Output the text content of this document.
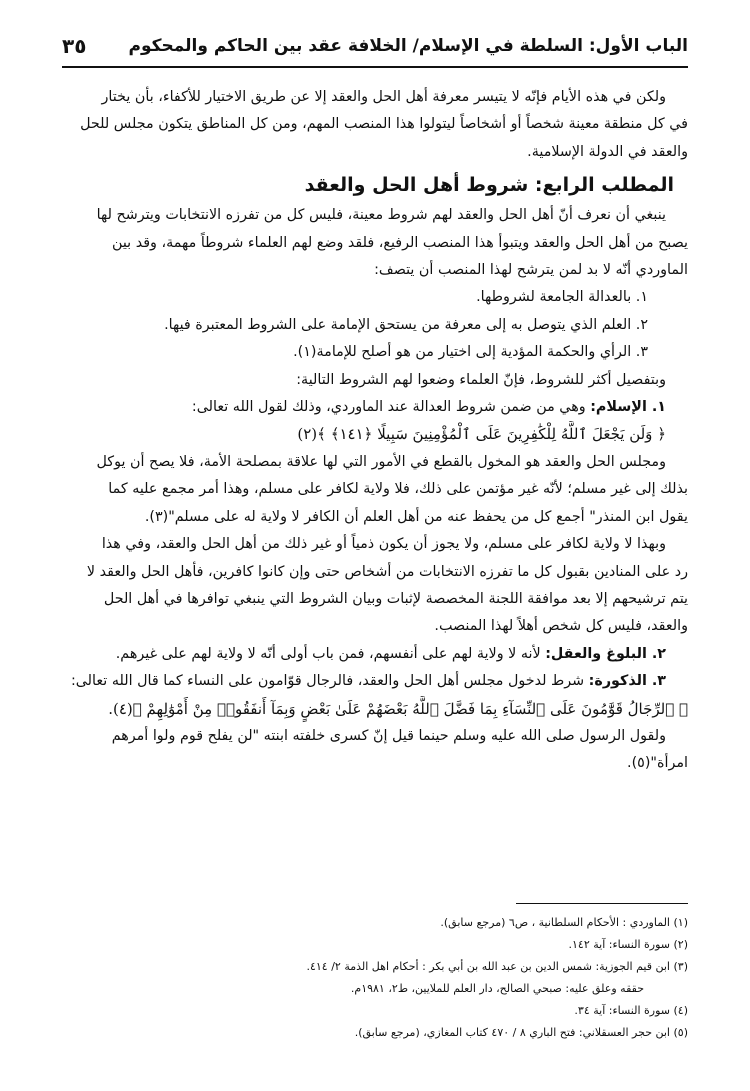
الباب الأول: السلطة في الإسلام/ الخلافة عقد بين الحاكم والمحكوم
٣٥
ولكن في هذه الأيام فإنّه لا يتيسر معرفة أهل الحل والعقد إلا عن طريق الاختيار للأكفاء، بأن يختار
في كل منطقة معينة شخصاً أو أشخاصاً ليتولوا هذا المنصب المهم، ومن كل المناطق يتكون مجلس للحل
والعقد في الدولة الإسلامية.
المطلب الرابع: شروط أهل الحل والعقد
ينبغي أن نعرف أنّ أهل الحل والعقد لهم شروط معينة، فليس كل من تفرزه الانتخابات ويترشح لها
يصبح من أهل الحل والعقد ويتبوأ هذا المنصب الرفيع، فلقد وضع لهم العلماء شروطاً مهمة، وقد بين
الماوردي أنّه لا بد لمن يترشح لهذا المنصب أن يتصف:
١. بالعدالة الجامعة لشروطها.
٢. العلم الذي يتوصل به إلى معرفة من يستحق الإمامة على الشروط المعتبرة فيها.
٣. الرأي والحكمة المؤدية إلى اختيار من هو أصلح للإمامة(١).
وبتفصيل أكثر للشروط، فإنّ العلماء وضعوا لهم الشروط التالية:
١. الإسلام: وهي من ضمن شروط العدالة عند الماوردي، وذلك لقول الله تعالى:
﴿ وَلَن يَجْعَلَ ٱللَّهُ لِلْكَٰفِرِينَ عَلَى ٱلْمُؤْمِنِينَ سَبِيلًا ﴿١٤١﴾ ﴾(٢)
ومجلس الحل والعقد هو المخول بالقطع في الأمور التي لها علاقة بمصلحة الأمة، فلا يصح أن يوكل
بذلك إلى غير مسلم؛ لأنّه غير مؤتمن على ذلك، فلا ولاية لكافر على مسلم، وهذا أمر مجمع عليه كما
يقول ابن المنذر" أجمع كل من يحفظ عنه من أهل العلم أن الكافر لا ولاية له على مسلم"(٣).
وبهذا لا ولاية لكافر على مسلم، ولا يجوز أن يكون ذمياً أو غير ذلك من أهل الحل والعقد، وفي هذا
رد على المنادين بقبول كل ما تفرزه الانتخابات من أشخاص حتى وإن كانوا كافرين، فأهل الحل والعقد لا
يتم ترشيحهم إلا بعد موافقة اللجنة المخصصة لإثبات وبيان الشروط التي ينبغي توافرها في أهل الحل
والعقد، فليس كل شخص أهلاً لهذا المنصب.
٢. البلوغ والعقل: لأنه لا ولاية لهم على أنفسهم، فمن باب أولى أنّه لا ولاية لهم على غيرهم.
٣. الذكورة: شرط لدخول مجلس أهل الحل والعقد، فالرجال قوّامون على النساء كما قال الله تعالى:
﴿ ٱلرِّجَالُ قَوَّٰمُونَ عَلَى ٱلنِّسَآءِ بِمَا فَضَّلَ ٱللَّهُ بَعْضَهُمْ عَلَىٰ بَعْضٍ وَبِمَآ أَنفَقُوا۟ مِنْ أَمْوَٰلِهِمْ ﴾(٤).
ولقول الرسول صلى الله عليه وسلم حينما قيل إنّ كسرى خلفته ابنته "لن يفلح قوم ولوا أمرهم
امرأة"(٥).
(١) الماوردي : الأحكام السلطانية ، ص٦ (مرجع سابق).
(٢) سورة النساء: آية ١٤٢.
(٣) ابن قيم الجوزية: شمس الدين بن عبد الله بن أبي بكر : أحكام اهل الذمة ٢/ ٤١٤.
حققه وعلق عليه: صبحي الصالح، دار العلم للملايين، ط٢، ١٩٨١م.
(٤) سورة النساء: آية ٣٤.
(٥) ابن حجر العسقلاني: فتح الباري ٨ / ٤٧٠ كتاب المغازي، (مرجع سابق).
